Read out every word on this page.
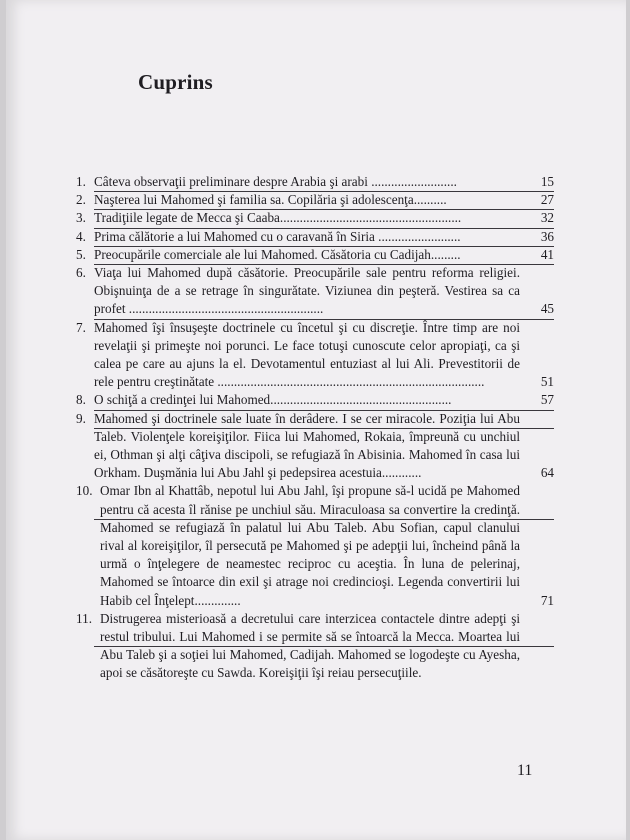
Cuprins
1. Câteva observaţii preliminare despre Arabia şi arabi ..........................	15
2. Naşterea lui Mahomed şi familia sa. Copilăria şi adolescenţa..........	27
3. Tradiţiile legate de Mecca şi Caaba.......................................................	32
4. Prima călătorie a lui Mahomed cu o caravană în Siria .........................	36
5. Preocupările comerciale ale lui Mahomed. Căsătoria cu Cadijah.........	41
6. Viaţa lui Mahomed după căsătorie. Preocupările sale pentru reforma religiei. Obişnuinţa de a se retrage în singurătate. Viziunea din peşteră. Vestirea sa ca profet ...........................................................	45
7. Mahomed îşi însuşeşte doctrinele cu încetul şi cu discreţie. Între timp are noi revelaţii şi primeşte noi porunci. Le face totuşi cunoscute celor apropiaţi, ca şi calea pe care au ajuns la el. Devotamentul entuziast al lui Ali. Prevestitorii de rele pentru creştinătate .................................................................................	51
8. O schiţă a credinţei lui Mahomed.......................................................	57
9. Mahomed şi doctrinele sale luate în derâdere. I se cer miracole. Poziţia lui Abu Taleb. Violenţele koreişiţilor. Fiica lui Mahomed, Rokaia, împreună cu unchiul ei, Othman şi alţi câţiva discipoli, se refugiază în Abisinia. Mahomed în casa lui Orkham. Duşmănia lui Abu Jahl şi pedepsirea acestuia............	64
10. Omar Ibn al Khattâb, nepotul lui Abu Jahl, îşi propune să-l ucidă pe Mahomed pentru că acesta îl rănise pe unchiul său. Miraculoasa sa convertire la credinţă. Mahomed se refugiază în palatul lui Abu Taleb. Abu Sofian, capul clanului rival al koreişiţilor, îl persecută pe Mahomed şi pe adepţii lui, încheind până la urmă o înţelegere de neamestec reciproc cu aceştia. În luna de pelerinaj, Mahomed se întoarce din exil şi atrage noi credincioşi. Legenda convertirii lui Habib cel Înţelept..............	71
11. Distrugerea misterioasă a decretului care interzicea contactele dintre adepţi şi restul tribului. Lui Mahomed i se permite să se întoarcă la Mecca. Moartea lui Abu Taleb şi a soţiei lui Mahomed, Cadijah. Mahomed se logodeşte cu Ayesha, apoi se căsătoreşte cu Sawda. Koreişiţii îşi reiau persecuţiile.
11
